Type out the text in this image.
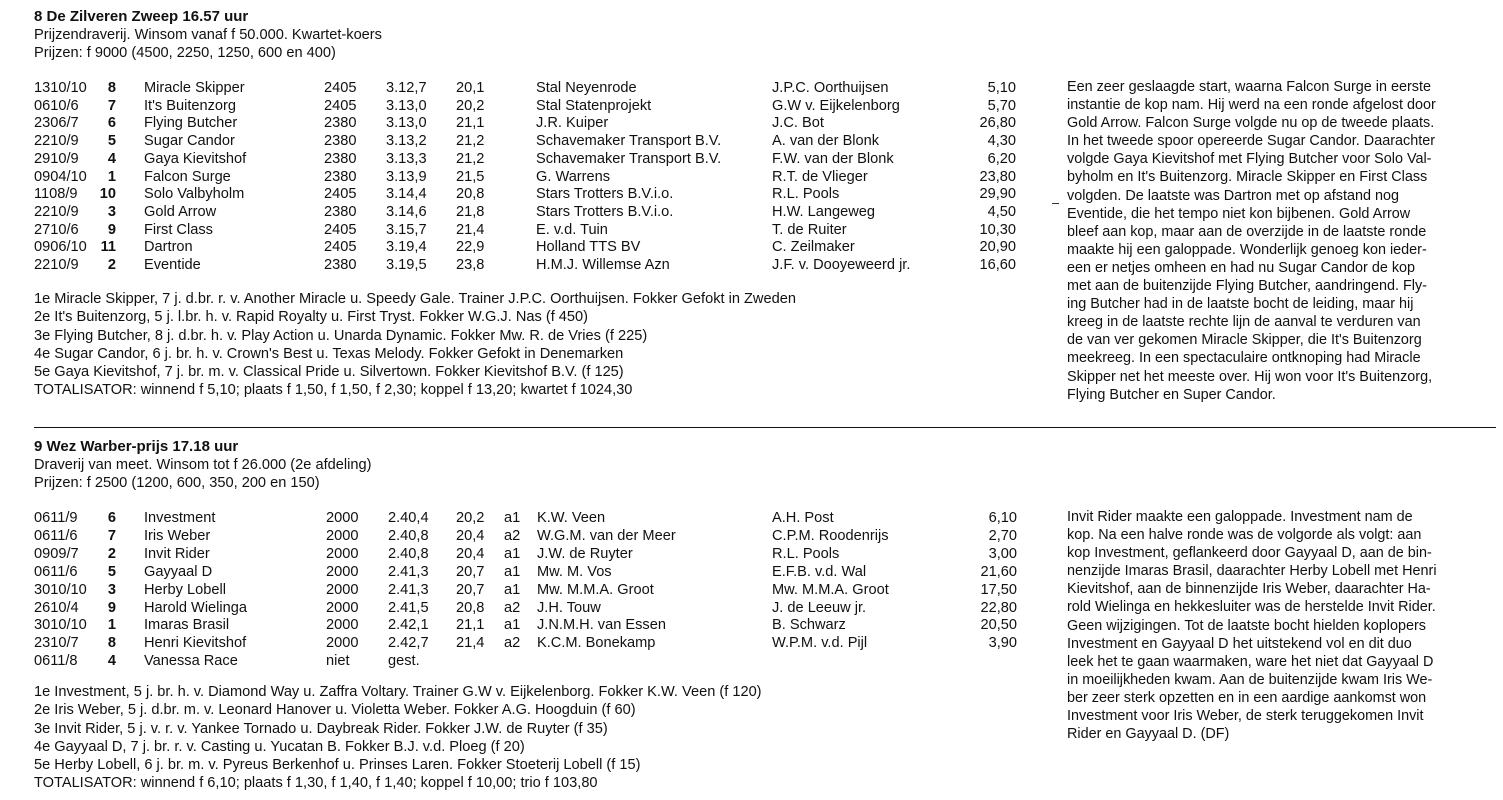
8 De Zilveren Zweep 16.57 uur
Prijzendraverij. Winsom vanaf f 50.000. Kwartet-koers
Prijzen: f 9000 (4500, 2250, 1250, 600 en 400)
1310/10	8 Miracle Skipper	2405 3.12,7 20,1	Stal Neyenrode	J.P.C. Oorthuijsen	5,10
0610/6	7 It's Buitenzorg	2405 3.13,0 20,2	Stal Statenprojekt	G.W v. Eijkelenborg	5,70
2306/7	6 Flying Butcher	2380 3.13,0 21,1	J.R. Kuiper	J.C. Bot	26,80
2210/9	5 Sugar Candor	2380 3.13,2 21,2	Schavemaker Transport B.V.	A. van der Blonk	4,30
2910/9	4 Gaya Kievitshof	2380 3.13,3 21,2	Schavemaker Transport B.V.	F.W. van der Blonk	6,20
0904/10	1 Falcon Surge	2380 3.13,9 21,5	G. Warrens	R.T. de Vlieger	23,80
1108/9	10 Solo Valbyholm	2405 3.14,4 20,8	Stars Trotters B.V.i.o.	R.L. Pools	29,90
2210/9	3 Gold Arrow	2380 3.14,6 21,8	Stars Trotters B.V.i.o.	H.W. Langeweg	4,50
2710/6	9 First Class	2405 3.15,7 21,4	E. v.d. Tuin	T. de Ruiter	10,30
0906/10 11 Dartron	2405 3.19,4 22,9	Holland TTS BV	C. Zeilmaker	20,90
2210/9	2 Eventide	2380 3.19,5 23,8	H.M.J. Willemse Azn	J.F. v. Dooyeweerd jr.	16,60
1e Miracle Skipper, 7 j. d.br. r. v. Another Miracle u. Speedy Gale. Trainer J.P.C. Oorthuijsen. Fokker Gefokt in Zweden
2e It's Buitenzorg, 5 j. l.br. h. v. Rapid Royalty u. First Tryst. Fokker W.G.J. Nas (f 450)
3e Flying Butcher, 8 j. d.br. h. v. Play Action u. Unarda Dynamic. Fokker Mw. R. de Vries (f 225)
4e Sugar Candor, 6 j. br. h. v. Crown's Best u. Texas Melody. Fokker Gefokt in Denemarken
5e Gaya Kievitshof, 7 j. br. m. v. Classical Pride u. Silvertown. Fokker Kievitshof B.V. (f 125)
TOTALISATOR: winnend f 5,10; plaats f 1,50, f 1,50, f 2,30; koppel f 13,20; kwartet f 1024,30
Een zeer geslaagde start, waarna Falcon Surge in eerste
instantie de kop nam. Hij werd na een ronde afgelost door
Gold Arrow. Falcon Surge volgde nu op de tweede plaats.
In het tweede spoor opereerde Sugar Candor. Daarachter
volgde Gaya Kievitshof met Flying Butcher voor Solo Val-
byholm en It's Buitenzorg. Miracle Skipper en First Class
volgden. De laatste was Dartron met op afstand nog
Eventide, die het tempo niet kon bijbenen. Gold Arrow
bleef aan kop, maar aan de overzijde in de laatste ronde
maakte hij een galoppade. Wonderlijk genoeg kon ieder-
een er netjes omheen en had nu Sugar Candor de kop
met aan de buitenzijde Flying Butcher, aandringend. Fly-
ing Butcher had in de laatste bocht de leiding, maar hij
kreeg in de laatste rechte lijn de aanval te verduren van
de van ver gekomen Miracle Skipper, die It's Buitenzorg
meekreeg. In een spectaculaire ontknoping had Miracle
Skipper net het meeste over. Hij won voor It's Buitenzorg,
Flying Butcher en Super Candor.
9 Wez Warber-prijs 17.18 uur
Draverij van meet. Winsom tot f 26.000 (2e afdeling)
Prijzen: f 2500 (1200, 600, 350, 200 en 150)
0611/9	6 Investment	2000 2.40,4 20,2 a1 K.W. Veen	A.H. Post	6,10
0611/6	7 Iris Weber	2000 2.40,8 20,4 a2 W.G.M. van der Meer	C.P.M. Roodenrijs	2,70
0909/7	2 Invit Rider	2000 2.40,8 20,4 a1 J.W. de Ruyter	R.L. Pools	3,00
0611/6	5 Gayyaal D	2000 2.41,3 20,7 a1 Mw. M. Vos	E.F.B. v.d. Wal	21,60
3010/10	3 Herby Lobell	2000 2.41,3 20,7 a1 Mw. M.M.A. Groot	Mw. M.M.A. Groot	17,50
2610/4	9 Harold Wielinga	2000 2.41,5 20,8 a2 J.H. Touw	J. de Leeuw jr.	22,80
3010/10	1 Imaras Brasil	2000 2.42,1 21,1 a1 J.N.M.H. van Essen	B. Schwarz	20,50
2310/7	8 Henri Kievitshof	2000 2.42,7 21,4 a2 K.C.M. Bonekamp	W.P.M. v.d. Pijl	3,90
0611/8	4 Vanessa Race	niet	gest.
1e Investment, 5 j. br. h. v. Diamond Way u. Zaffra Voltary. Trainer G.W v. Eijkelenborg. Fokker K.W. Veen (f 120)
2e Iris Weber, 5 j. d.br. m. v. Leonard Hanover u. Violetta Weber. Fokker A.G. Hoogduin (f 60)
3e Invit Rider, 5 j. v. r. v. Yankee Tornado u. Daybreak Rider. Fokker J.W. de Ruyter (f 35)
4e Gayyaal D, 7 j. br. r. v. Casting u. Yucatan B. Fokker B.J. v.d. Ploeg (f 20)
5e Herby Lobell, 6 j. br. m. v. Pyreus Berkenhof u. Prinses Laren. Fokker Stoeterij Lobell (f 15)
TOTALISATOR: winnend f 6,10; plaats f 1,30, f 1,40, f 1,40; koppel f 10,00; trio f 103,80
Invit Rider maakte een galoppade. Investment nam de
kop. Na een halve ronde was de volgorde als volgt: aan
kop Investment, geflankeerd door Gayyaal D, aan de bin-
nenzijde Imaras Brasil, daarachter Herby Lobell met Henri
Kievitshof, aan de binnenzijde Iris Weber, daarachter Ha-
rold Wielinga en hekkesluiter was de herstelde Invit Rider.
Geen wijzigingen. Tot de laatste bocht hielden koplopers
Investment en Gayyaal D het uitstekend vol en dit duo
leek het te gaan waarmaken, ware het niet dat Gayyaal D
in moeilijkheden kwam. Aan de buitenzijde kwam Iris We-
ber zeer sterk opzetten en in een aardige aankomst won
Investment voor Iris Weber, de sterk teruggekomen Invit
Rider en Gayyaal D. (DF)
